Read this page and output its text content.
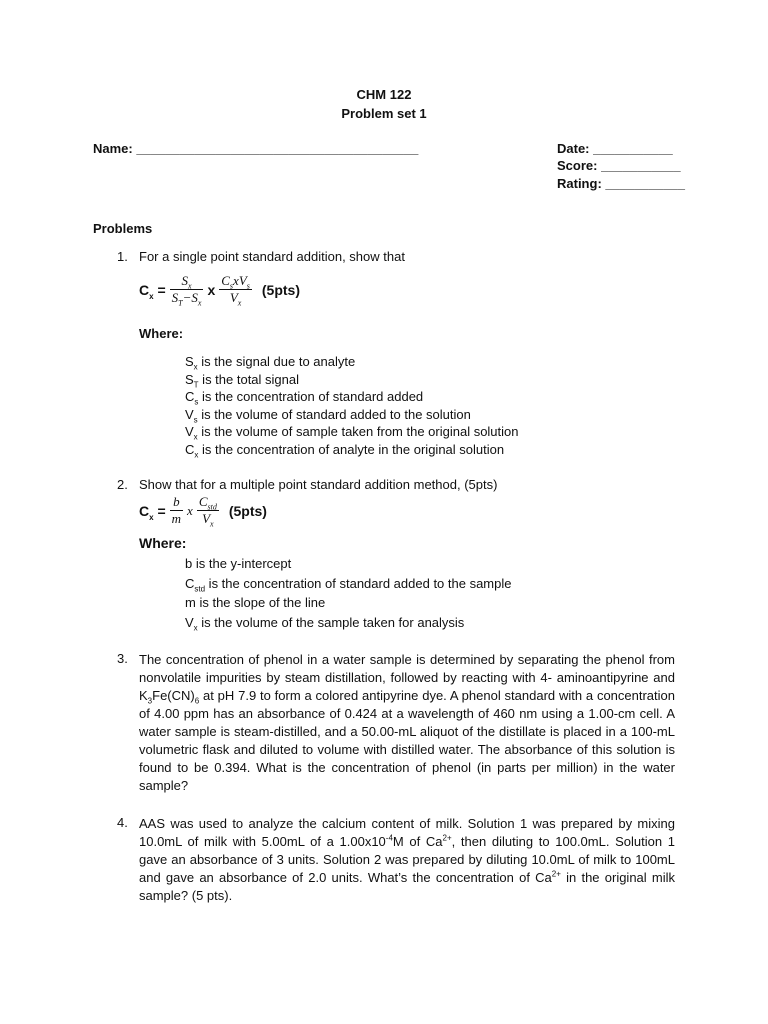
CHM 122
Problem set 1
Name: _______________________________________	Date: ___________
Score: ___________
Rating: ___________
Problems
1. For a single point standard addition, show that
$C_x = \frac{S_x}{S_T-S_x}$ x $\frac{C_sxV_s}{V_x} (5pts)$
Where:
$S_x$ is the signal due to analyte
$S_T$ is the total signal
$C_s$ is the concentration of standard added
$V_s$ is the volume of standard added to the solution
$V_x$ is the volume of sample taken from the original solution
$C_x$ is the concentration of analyte in the original solution
2. Show that for a multiple point standard addition method, (5pts)
$C_x = \frac{b}{m}$ x $\frac{C_{std}}{V_x} (5pts)$
Where:
b is the y-intercept
$C_{std}$ is the concentration of standard added to the sample
m is the slope of the line
$V_x$ is the volume of the sample taken for analysis
3. The concentration of phenol in a water sample is determined by separating the phenol from nonvolatile impurities by steam distillation, followed by reacting with 4- aminoantipyrine and $K_3Fe(CN)_6$ at pH 7.9 to form a colored antipyrine dye. A phenol standard with a concentration of 4.00 ppm has an absorbance of 0.424 at a wavelength of 460 nm using a 1.00-cm cell. A water sample is steam-distilled, and a 50.00-mL aliquot of the distillate is placed in a 100-mL volumetric flask and diluted to volume with distilled water. The absorbance of this solution is found to be 0.394. What is the concentration of phenol (in parts per million) in the water sample?
4. AAS was used to analyze the calcium content of milk. Solution 1 was prepared by mixing 10.0mL of milk with 5.00mL of a $1.00x10^{-4}M$ of $Ca^{2+}$, then diluting to 100.0mL. Solution 1 gave an absorbance of 3 units. Solution 2 was prepared by diluting 10.0mL of milk to 100mL and gave an absorbance of 2.0 units. What’s the concentration of $Ca^{2+}$ in the original milk sample? (5 pts).
